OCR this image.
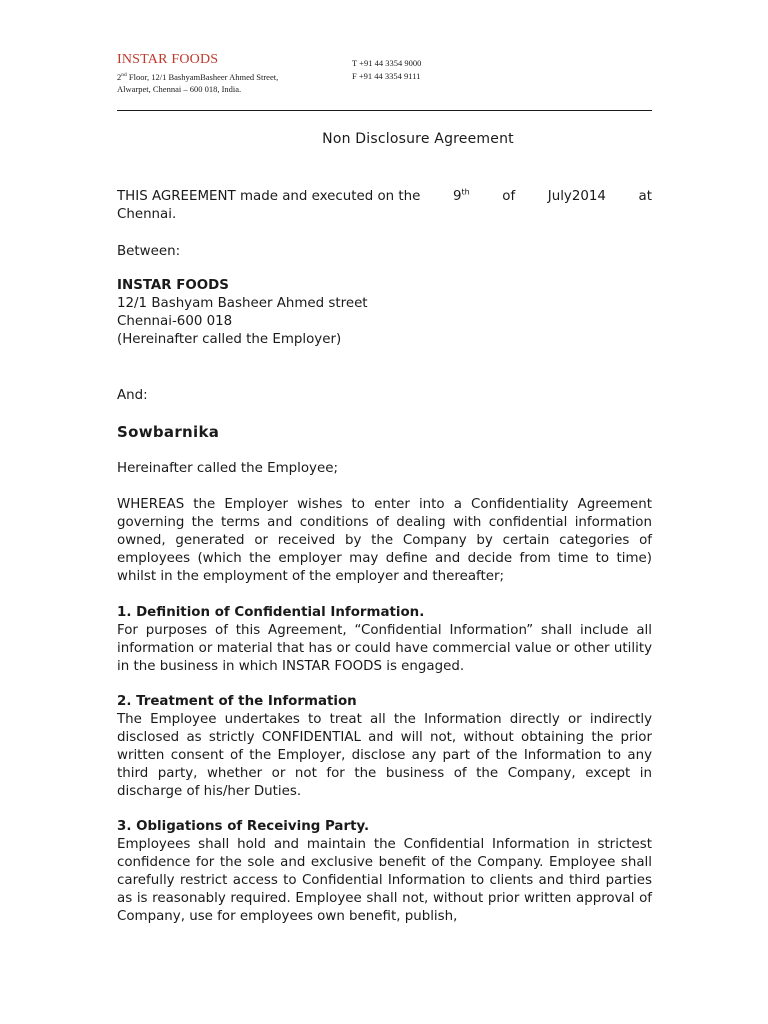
INSTAR FOODS
2nd Floor, 12/1 BashyamBasheer Ahmed Street,
Alwarpet, Chennai – 600 018, India.
T +91 44 3354 9000
F +91 44 3354 9111
Non Disclosure Agreement
THIS AGREEMENT made and executed on the 9th of July2014 at
Chennai.
Between:
INSTAR FOODS
12/1 Bashyam Basheer Ahmed street
Chennai-600 018
(Hereinafter called the Employer)
And:
Sowbarnika
Hereinafter called the Employee;
WHEREAS the Employer wishes to enter into a Confidentiality Agreement governing the terms and conditions of dealing with confidential information owned, generated or received by the Company by certain categories of employees (which the employer may define and decide from time to time) whilst in the employment of the employer and thereafter;
1. Definition of Confidential Information.
For purposes of this Agreement, “Confidential Information” shall include all information or material that has or could have commercial value or other utility in the business in which INSTAR FOODS is engaged.
2. Treatment of the Information
The Employee undertakes to treat all the Information directly or indirectly disclosed as strictly CONFIDENTIAL and will not, without obtaining the prior written consent of the Employer, disclose any part of the Information to any third party, whether or not for the business of the Company, except in discharge of his/her Duties.
3. Obligations of Receiving Party.
Employees shall hold and maintain the Confidential Information in strictest confidence for the sole and exclusive benefit of the Company. Employee shall carefully restrict access to Confidential Information to clients and third parties as is reasonably required. Employee shall not, without prior written approval of Company, use for employees own benefit, publish,
